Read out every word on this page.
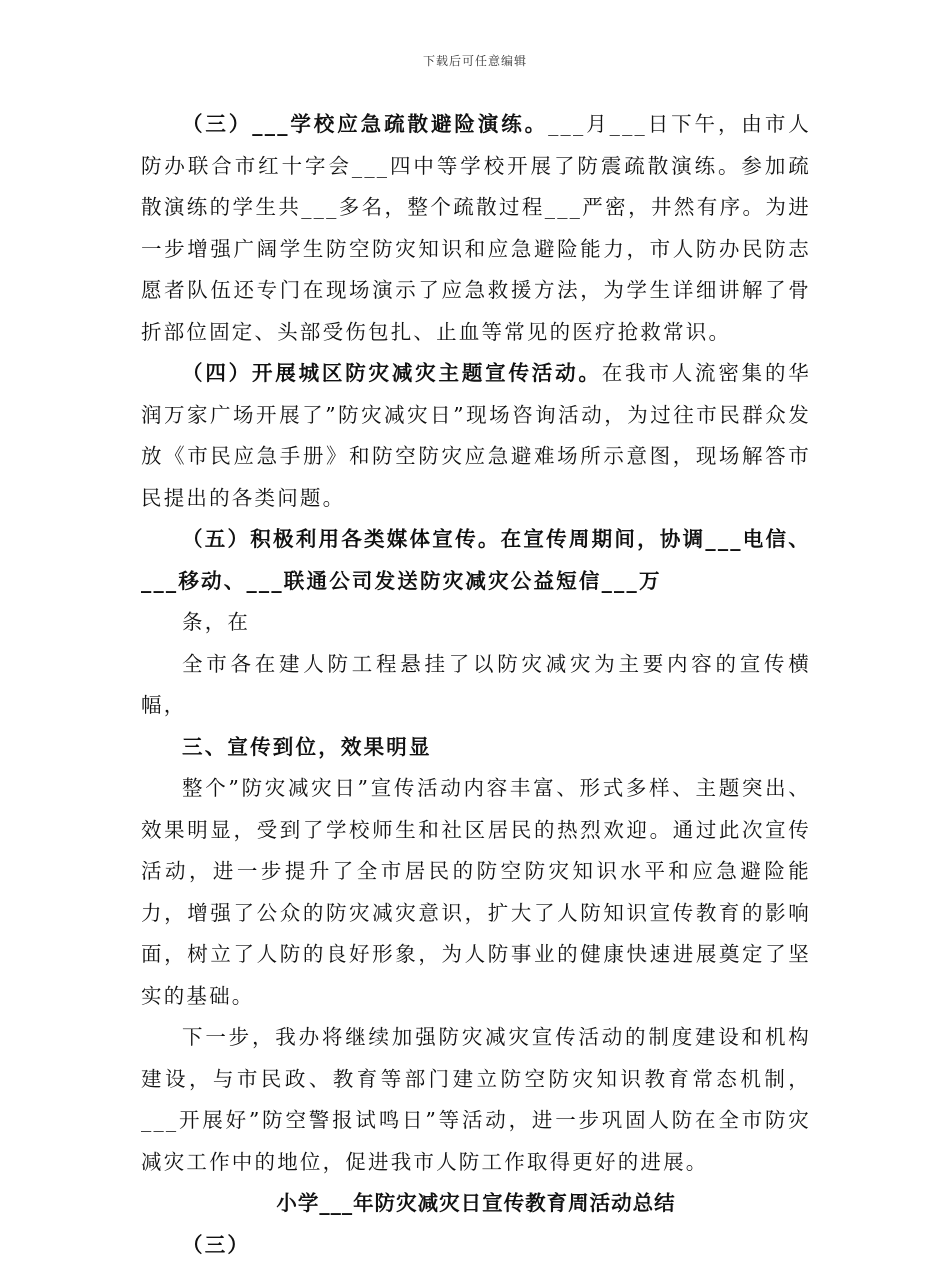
下载后可任意编辑

（三）___学校应急疏散避险演练。___月___日下午，由市人防办联合市红十字会___四中等学校开展了防震疏散演练。参加疏散演练的学生共___多名，整个疏散过程___严密，井然有序。为进一步增强广阔学生防空防灾知识和应急避险能力，市人防办民防志愿者队伍还专门在现场演示了应急救援方法，为学生详细讲解了骨折部位固定、头部受伤包扎、止血等常见的医疗抢救常识。

（四）开展城区防灾减灾主题宣传活动。在我市人流密集的华润万家广场开展了”防灾减灾日”现场咨询活动，为过往市民群众发放《市民应急手册》和防空防灾应急避难场所示意图，现场解答市民提出的各类问题。

（五）积极利用各类媒体宣传。在宣传周期间，协调___电信、___移动、___联通公司发送防灾减灾公益短信___万

条，在

全市各在建人防工程悬挂了以防灾减灾为主要内容的宣传横幅，

三、宣传到位，效果明显

整个”防灾减灾日”宣传活动内容丰富、形式多样、主题突出、效果明显，受到了学校师生和社区居民的热烈欢迎。通过此次宣传活动，进一步提升了全市居民的防空防灾知识水平和应急避险能力，增强了公众的防灾减灾意识，扩大了人防知识宣传教育的影响面，树立了人防的良好形象，为人防事业的健康快速进展奠定了坚实的基础。

下一步，我办将继续加强防灾减灾宣传活动的制度建设和机构建设，与市民政、教育等部门建立防空防灾知识教育常态机制，___开展好”防空警报试鸣日”等活动，进一步巩固人防在全市防灾减灾工作中的地位，促进我市人防工作取得更好的进展。

小学___年防灾减灾日宣传教育周活动总结

（三）
